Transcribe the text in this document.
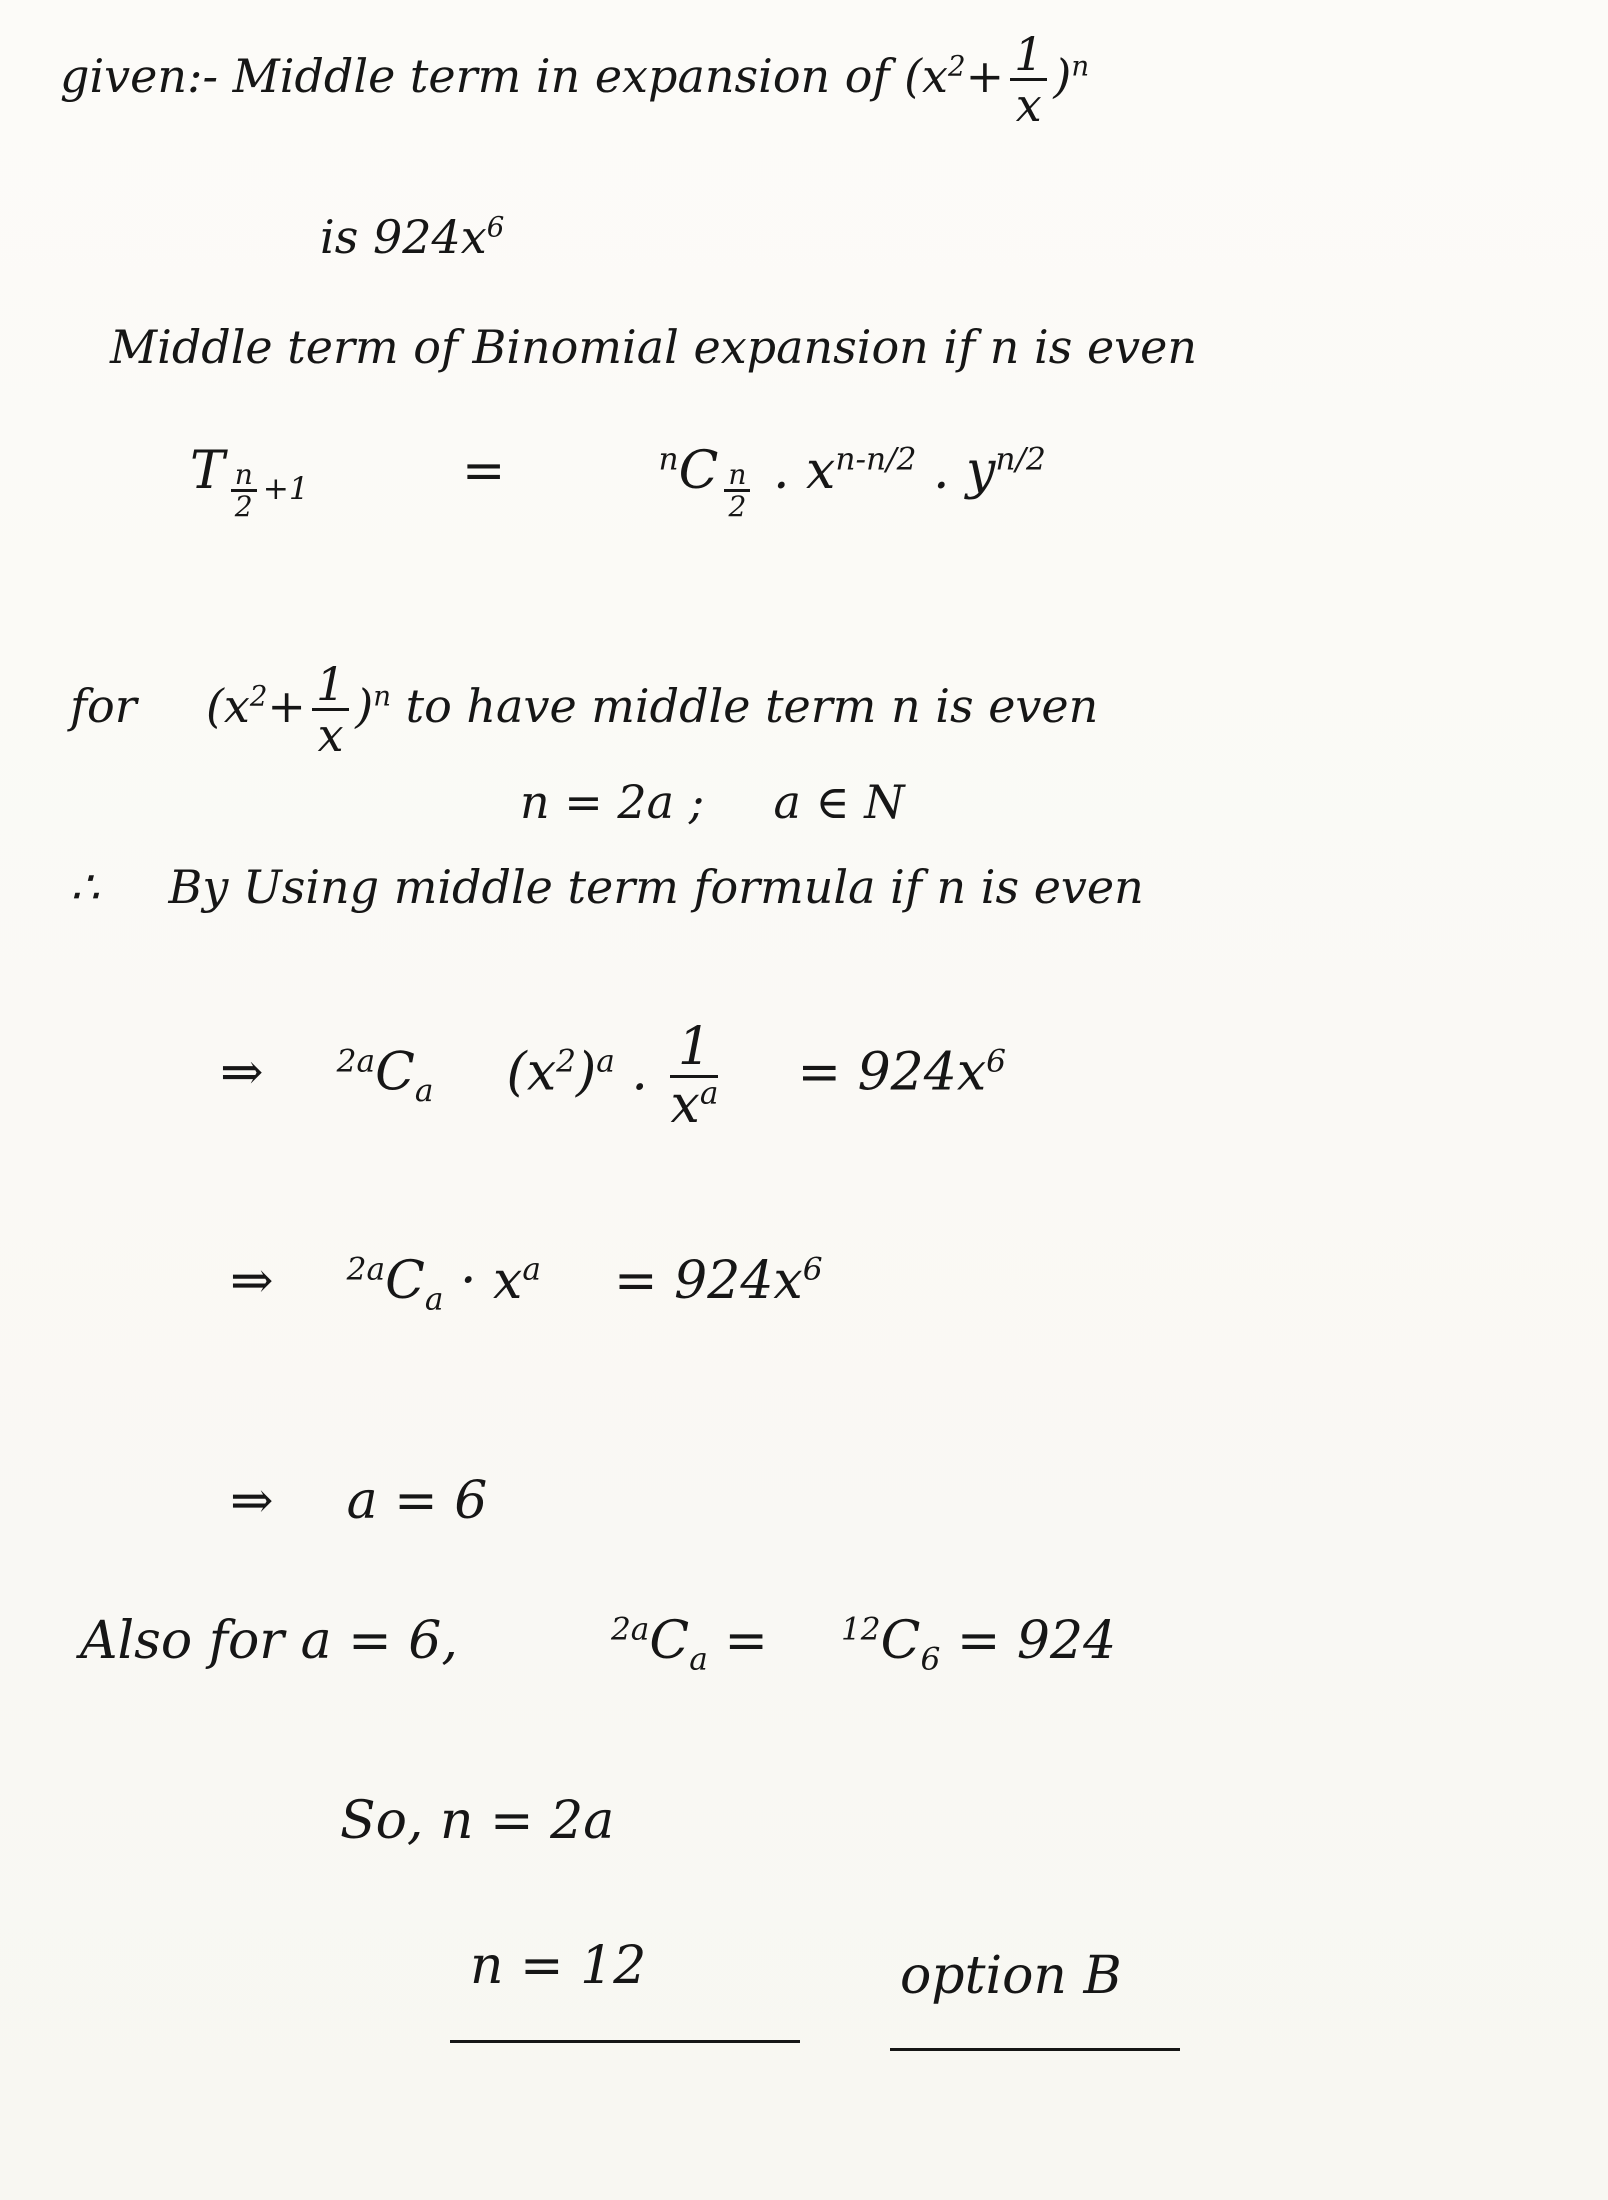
given:- Middle term in expansion of $(x^2+ \frac{1}{x} )^n$
is $924x^6$
Middle term of Binomial expansion if n is even
T $_{\frac{n}{2} +1}$	=	$^n$C $_{\frac{n}{2}}$ . $x^{n-n/2}$ . $y^{n/2}$
for $(x^2+ \frac{1}{x} )^n$ to have middle term n is even
n = 2a ; a ∈ N
∴ By Using middle term formula if n is even
⇒ $^{2a}C_a$ $(x^2)^a$ . $\frac{1}{x^a} = 924x^6$
⇒ $^{2a}C_a \cdot x^a = 924x^6$
⇒ a = 6
Also for a = 6,	$^{2a}C_a = ^{12}C_6 = 924$
So, n = 2a
n = 12	option B
